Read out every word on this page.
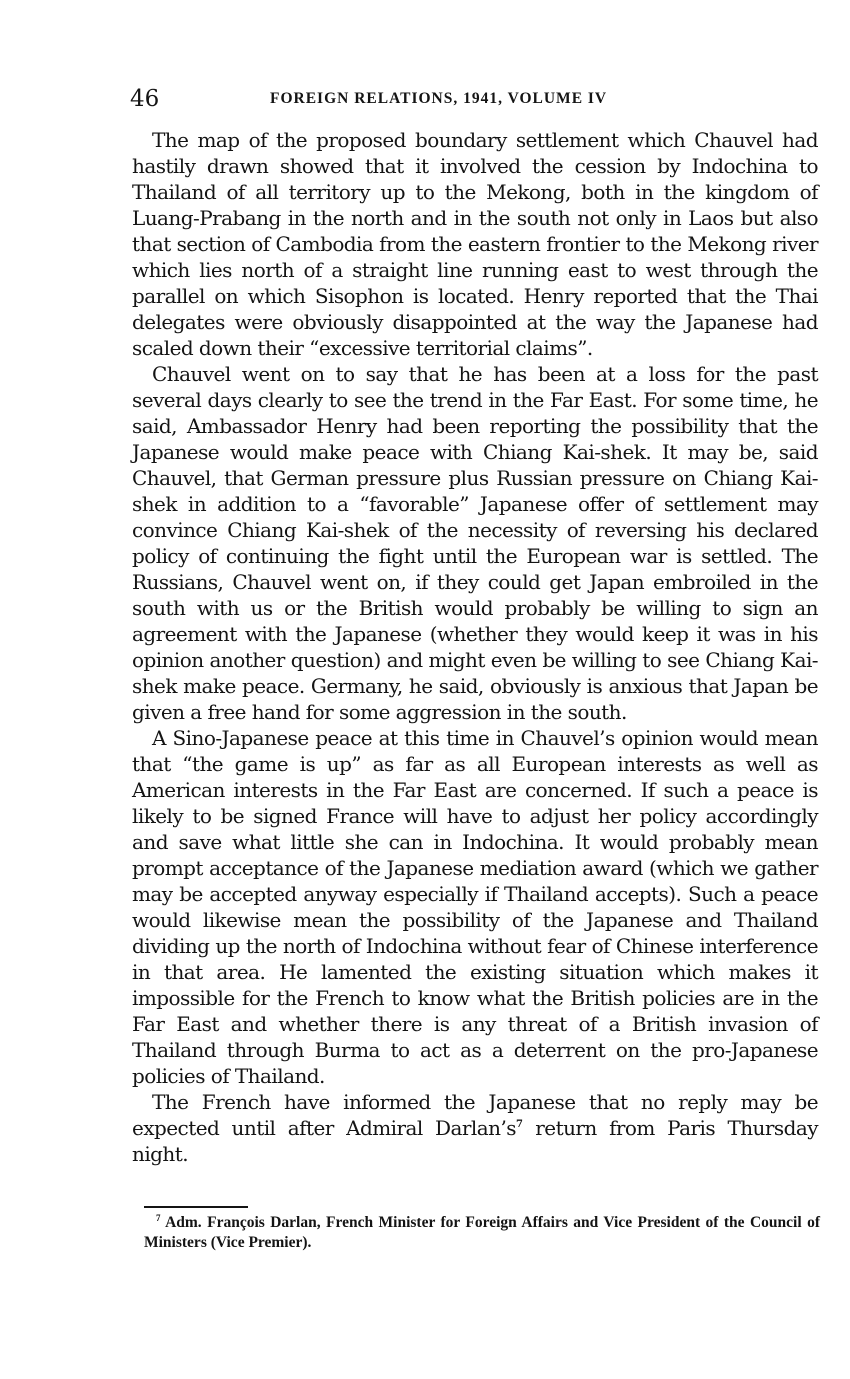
46	FOREIGN RELATIONS, 1941, VOLUME IV

The map of the proposed boundary settlement which Chauvel had hastily drawn showed that it involved the cession by Indochina to Thailand of all territory up to the Mekong, both in the kingdom of Luang-Prabang in the north and in the south not only in Laos but also that section of Cambodia from the eastern frontier to the Mekong river which lies north of a straight line running east to west through the parallel on which Sisophon is located. Henry reported that the Thai delegates were obviously disappointed at the way the Japanese had scaled down their “excessive territorial claims”.

Chauvel went on to say that he has been at a loss for the past several days clearly to see the trend in the Far East. For some time, he said, Ambassador Henry had been reporting the possibility that the Japanese would make peace with Chiang Kai-shek. It may be, said Chauvel, that German pressure plus Russian pressure on Chiang Kai-shek in addition to a “favorable” Japanese offer of settlement may convince Chiang Kai-shek of the necessity of reversing his declared policy of continuing the fight until the European war is settled. The Russians, Chauvel went on, if they could get Japan embroiled in the south with us or the British would probably be willing to sign an agreement with the Japanese (whether they would keep it was in his opinion another question) and might even be willing to see Chiang Kai-shek make peace. Germany, he said, obviously is anxious that Japan be given a free hand for some aggression in the south.

A Sino-Japanese peace at this time in Chauvel’s opinion would mean that “the game is up” as far as all European interests as well as American interests in the Far East are concerned. If such a peace is likely to be signed France will have to adjust her policy accordingly and save what little she can in Indochina. It would probably mean prompt acceptance of the Japanese mediation award (which we gather may be accepted anyway especially if Thailand accepts). Such a peace would likewise mean the possibility of the Japanese and Thailand dividing up the north of Indochina without fear of Chinese interference in that area. He lamented the existing situation which makes it impossible for the French to know what the British policies are in the Far East and whether there is any threat of a British invasion of Thailand through Burma to act as a deterrent on the pro-Japanese policies of Thailand.

The French have informed the Japanese that no reply may be expected until after Admiral Darlan’s$^7$ return from Paris Thursday night.

$^7$ Adm. François Darlan, French Minister for Foreign Affairs and Vice President of the Council of Ministers (Vice Premier).
